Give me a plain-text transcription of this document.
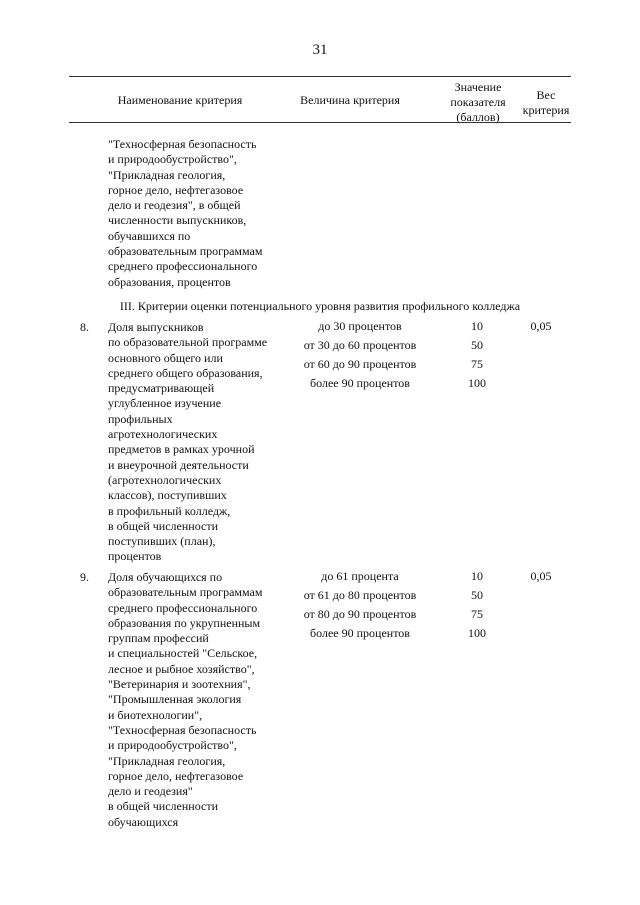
31
Наименование критерия	Величина критерия
Значение
показателя
(баллов)
Вес
критерия
"Техносферная безопасность
и природообустройство",
"Прикладная геология,
горное дело, нефтегазовое
дело и геодезия", в общей
численности выпускников,
обучавшихся по
образовательным программам
среднего профессионального
образования, процентов
III. Критерии оценки потенциального уровня развития профильного колледжа
8. Доля выпускников
по образовательной программе
основного общего или
среднего общего образования,
предусматривающей
углубленное изучение
профильных
агротехнологических
предметов в рамках урочной
и внеурочной деятельности
(агротехнологических
классов), поступивших
в профильный колледж,
в общей численности
поступивших (план),
процентов
до 30 процентов
от 30 до 60 процентов
от 60 до 90 процентов
более 90 процентов
10
50
75
100
0,05
9. Доля обучающихся по
образовательным программам
среднего профессионального
образования по укрупненным
группам профессий
и специальностей "Сельское,
лесное и рыбное хозяйство",
"Ветеринария и зоотехния",
"Промышленная экология
и биотехнологии",
"Техносферная безопасность
и природообустройство",
"Прикладная геология,
горное дело, нефтегазовое
дело и геодезия"
в общей численности
обучающихся
до 61 процента
от 61 до 80 процентов
от 80 до 90 процентов
более 90 процентов
10
50
75
100
0,05
